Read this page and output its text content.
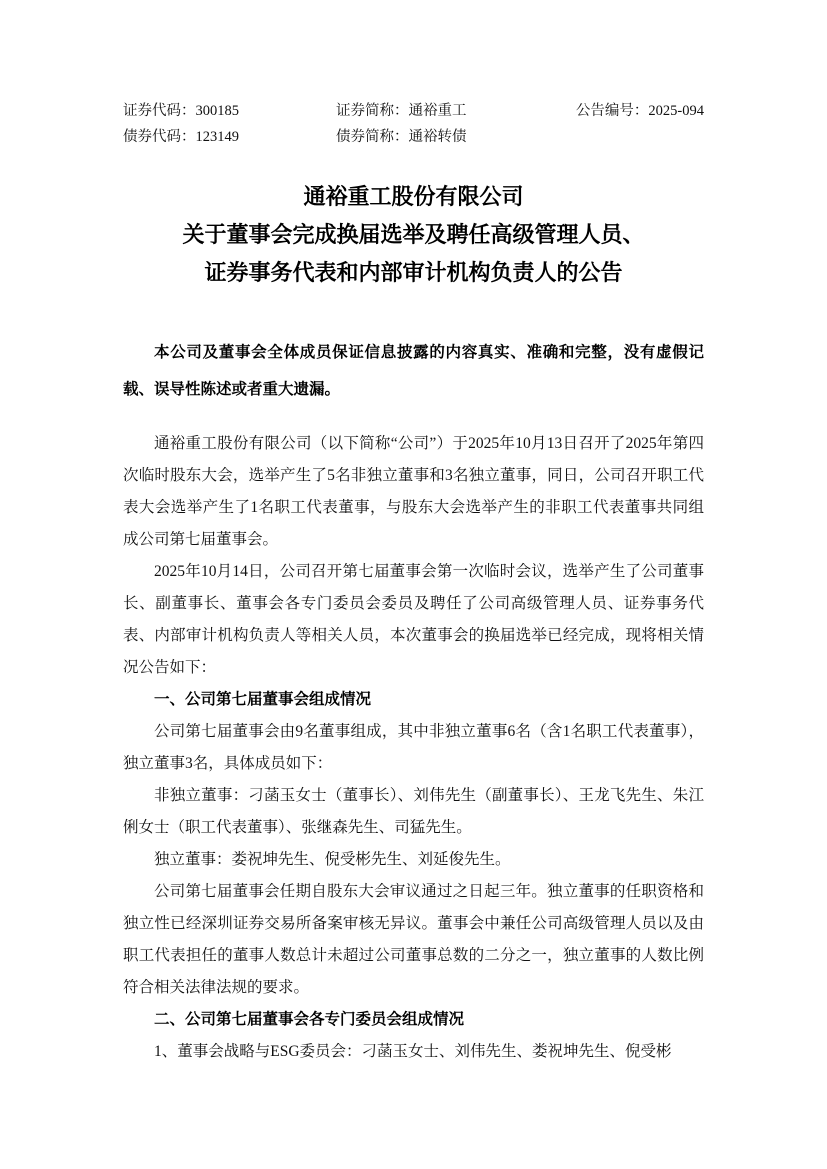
证券代码：300185	证券简称：通裕重工	公告编号：2025-094
债券代码：123149	债券简称：通裕转债
通裕重工股份有限公司
关于董事会完成换届选举及聘任高级管理人员、
证券事务代表和内部审计机构负责人的公告

本公司及董事会全体成员保证信息披露的内容真实、准确和完整，没有虚假记载、误导性陈述或者重大遗漏。

通裕重工股份有限公司（以下简称“公司”）于2025年10月13日召开了2025年第四次临时股东大会，选举产生了5名非独立董事和3名独立董事，同日，公司召开职工代表大会选举产生了1名职工代表董事，与股东大会选举产生的非职工代表董事共同组成公司第七届董事会。

2025年10月14日，公司召开第七届董事会第一次临时会议，选举产生了公司董事长、副董事长、董事会各专门委员会委员及聘任了公司高级管理人员、证券事务代表、内部审计机构负责人等相关人员，本次董事会的换届选举已经完成，现将相关情况公告如下：

一、公司第七届董事会组成情况

公司第七届董事会由9名董事组成，其中非独立董事6名（含1名职工代表董事），独立董事3名，具体成员如下：

非独立董事：刁菡玉女士（董事长）、刘伟先生（副董事长）、王龙飞先生、朱江俐女士（职工代表董事）、张继森先生、司猛先生。

独立董事：娄祝坤先生、倪受彬先生、刘延俊先生。

公司第七届董事会任期自股东大会审议通过之日起三年。独立董事的任职资格和独立性已经深圳证券交易所备案审核无异议。董事会中兼任公司高级管理人员以及由职工代表担任的董事人数总计未超过公司董事总数的二分之一，独立董事的人数比例符合相关法律法规的要求。

二、公司第七届董事会各专门委员会组成情况

1、董事会战略与ESG委员会：刁菡玉女士、刘伟先生、娄祝坤先生、倪受彬
